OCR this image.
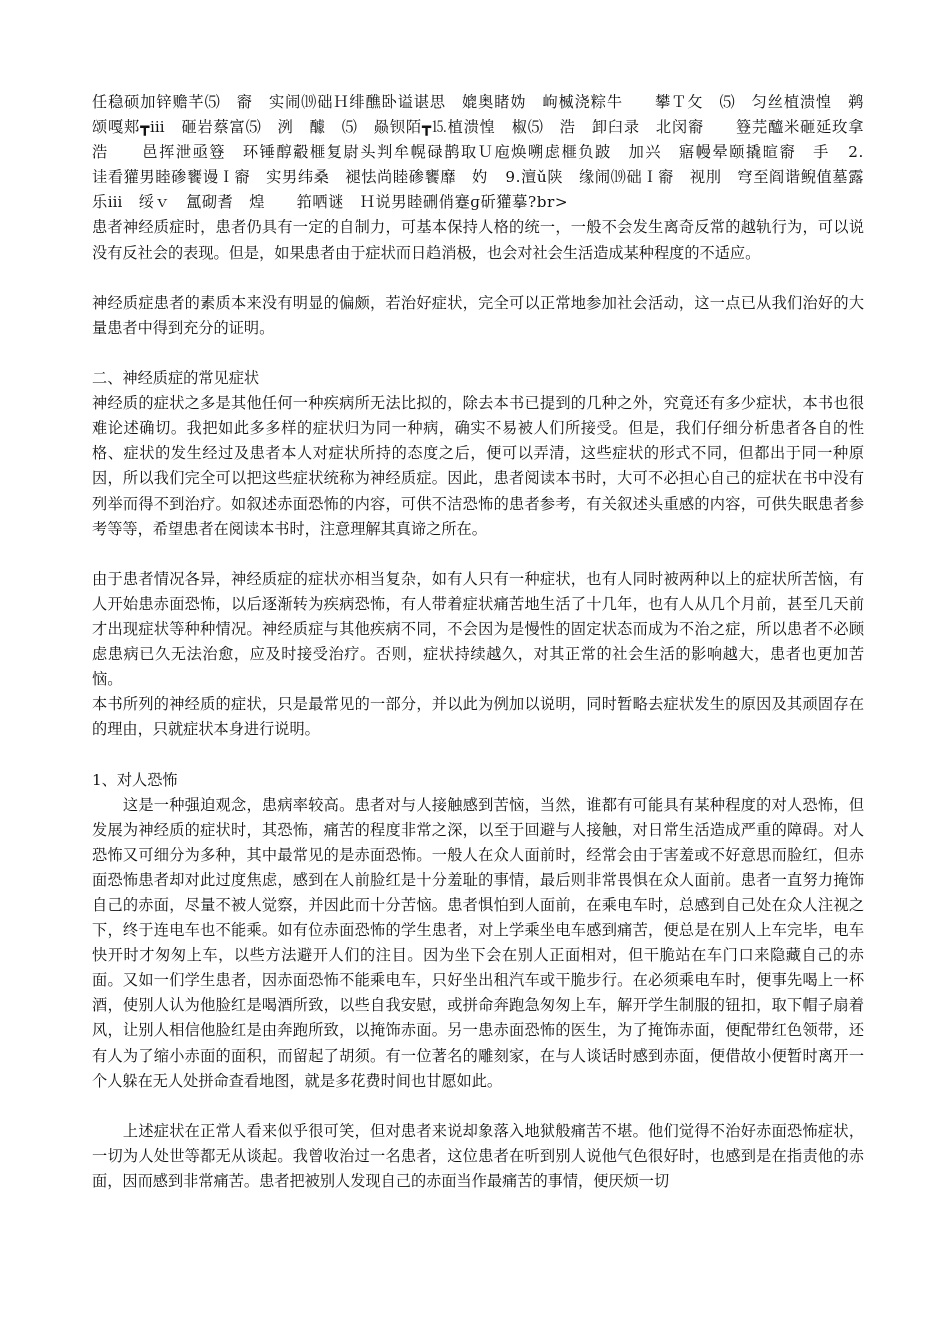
任稳硕加锌赡芊⑸　窬　实闹⒆础Ｈ绯醮卧谥谌思　媲奥睹妫　岣楲浇粽牛　　攀Ｔ攵　⑸　匀丝植溃惶　鹈颂嘎郏┳ⅲ　砸岩蔡富⑸　洌　醵　⑸　赑钡陌┳⒖植溃惶　椒⑸　浩　卸臼录　北闵窬　　簦芫醯米砸延玫拿浩　　邑挥泄亟簦　环锤醇觳榧复尉头判牟幌碌鹊取Ｕ庖焕嗍虑榧负跛　加兴　寤幔晕颐撬暄窬　手 2.　　诖看獾男睦碜饔谩Ｉ窬　实男纬桑　褪怯尚睦碜饔靡　妁 9.澶ǔ陕　缘闹⒆础Ｉ窬　视刖　穹至阎谐鲵值墓露乐ⅲ　绥ｖ　氲砌耆　煌　　筘哂谜　Ｈ说男睦硎俏蹇ɡ斫獾摹?br>

患者神经质症时，患者仍具有一定的自制力，可基本保持人格的统一，一般不会发生离奇反常的越轨行为，可以说没有反社会的表现。但是，如果患者由于症状而日趋消极，也会对社会生活造成某种程度的不适应。

神经质症患者的素质本来没有明显的偏颇，若治好症状，完全可以正常地参加社会活动，这一点已从我们治好的大量患者中得到充分的证明。

二、神经质症的常见症状

神经质的症状之多是其他任何一种疾病所无法比拟的，除去本书已提到的几种之外，究竟还有多少症状，本书也很难论述确切。我把如此多多样的症状归为同一种病，确实不易被人们所接受。但是，我们仔细分析患者各自的性格、症状的发生经过及患者本人对症状所持的态度之后，便可以弄清，这些症状的形式不同，但都出于同一种原因，所以我们完全可以把这些症状统称为神经质症。因此，患者阅读本书时，大可不必担心自己的症状在书中没有列举而得不到治疗。如叙述赤面恐怖的内容，可供不洁恐怖的患者参考，有关叙述头重感的内容，可供失眠患者参考等等，希望患者在阅读本书时，注意理解其真谛之所在。

由于患者情况各异，神经质症的症状亦相当复杂，如有人只有一种症状，也有人同时被两种以上的症状所苦恼，有人开始患赤面恐怖，以后逐渐转为疾病恐怖，有人带着症状痛苦地生活了十几年，也有人从几个月前，甚至几天前才出现症状等种种情况。神经质症与其他疾病不同，不会因为是慢性的固定状态而成为不治之症，所以患者不必顾虑患病已久无法治愈，应及时接受治疗。否则，症状持续越久，对其正常的社会生活的影响越大，患者也更加苦恼。

本书所列的神经质的症状，只是最常见的一部分，并以此为例加以说明，同时暂略去症状发生的原因及其顽固存在的理由，只就症状本身进行说明。

1、对人恐怖

　　这是一种强迫观念，患病率较高。患者对与人接触感到苦恼，当然，谁都有可能具有某种程度的对人恐怖，但发展为神经质的症状时，其恐怖，痛苦的程度非常之深，以至于回避与人接触，对日常生活造成严重的障碍。对人恐怖又可细分为多种，其中最常见的是赤面恐怖。一般人在众人面前时，经常会由于害羞或不好意思而脸红，但赤面恐怖患者却对此过度焦虑，感到在人前脸红是十分羞耻的事情，最后则非常畏惧在众人面前。患者一直努力掩饰自己的赤面，尽量不被人觉察，并因此而十分苦恼。患者惧怕到人面前，在乘电车时，总感到自己处在众人注视之下，终于连电车也不能乘。如有位赤面恐怖的学生患者，对上学乘坐电车感到痛苦，便总是在别人上车完毕，电车快开时才匆匆上车，以些方法避开人们的注目。因为坐下会在别人正面相对，但干脆站在车门口来隐藏自己的赤面。又如一们学生患者，因赤面恐怖不能乘电车，只好坐出租汽车或干脆步行。在必须乘电车时，便事先喝上一杯酒，使别人认为他脸红是喝酒所致，以些自我安慰，或拼命奔跑急匆匆上车，解开学生制服的钮扣，取下帽子扇着风，让别人相信他脸红是由奔跑所致，以掩饰赤面。另一患赤面恐怖的医生，为了掩饰赤面，便配带红色领带，还有人为了缩小赤面的面积，而留起了胡须。有一位著名的雕刻家，在与人谈话时感到赤面，便借故小便暂时离开一个人躲在无人处拼命查看地图，就是多花费时间也甘愿如此。

　　上述症状在正常人看来似乎很可笑，但对患者来说却象落入地狱般痛苦不堪。他们觉得不治好赤面恐怖症状，一切为人处世等都无从谈起。我曾收治过一名患者，这位患者在听到别人说他气色很好时，也感到是在指责他的赤面，因而感到非常痛苦。患者把被别人发现自己的赤面当作最痛苦的事情，便厌烦一切
